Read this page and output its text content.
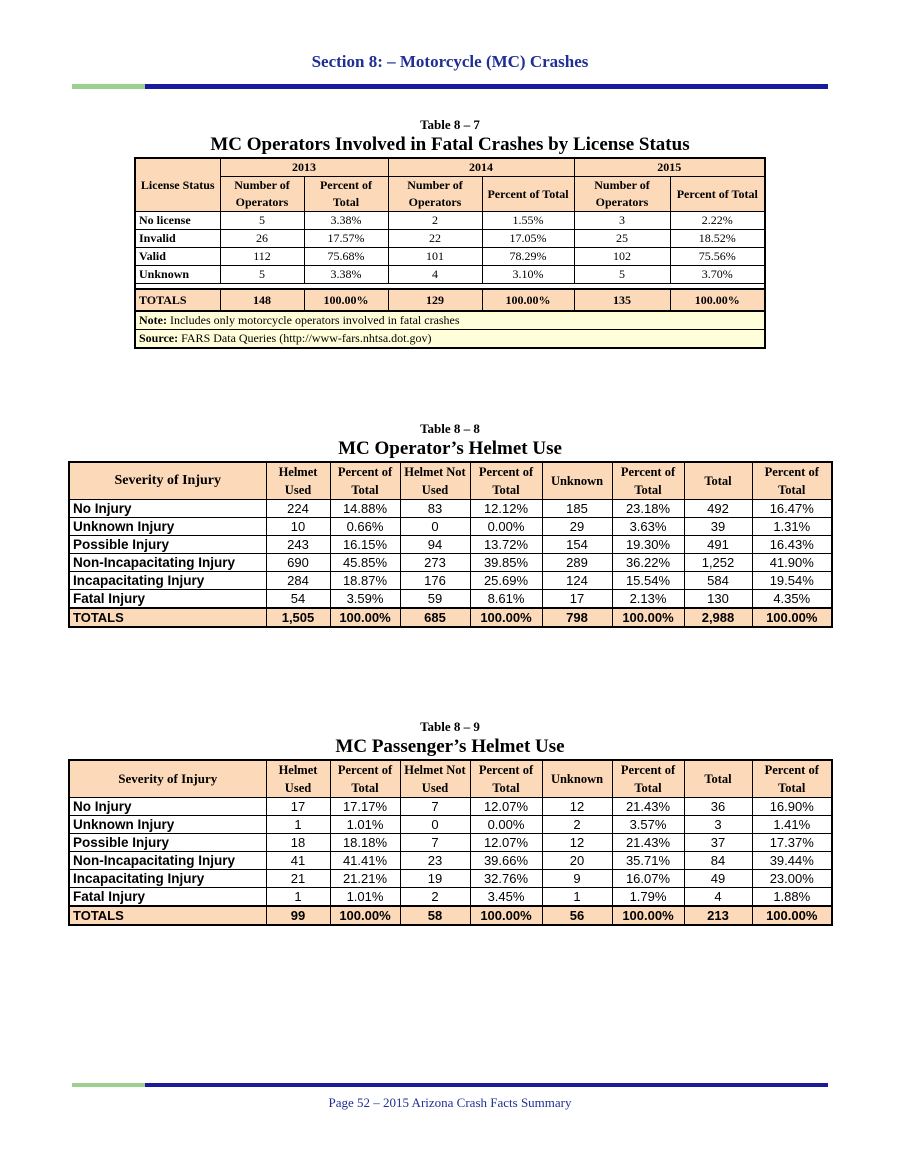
Section 8: – Motorcycle (MC) Crashes
Table 8 – 7
MC Operators Involved in Fatal Crashes by License Status
License Status	2013		2014		2015	
	Number of Operators	Percent of Total	Number of Operators	Percent of Total	Number of Operators	Percent of Total

No license	5	3.38%	2	1.55%	3	2.22%
Invalid	26	17.57%	22	17.05%	25	18.52%
Valid	112	75.68%	101	78.29%	102	75.56%
Unknown	5	3.38%	4	3.10%	5	3.70%

TOTALS	148	100.00%	129	100.00%	135	100.00%
Note: Includes only motorcycle operators involved in fatal crashes						
Source: FARS Data Queries (http://www-fars.nhtsa.dot.gov)						
Table 8 – 8
MC Operator’s Helmet Use
Severity of Injury	Helmet Used	Percent of Total	Helmet Not Used	Percent of Total	Unknown	Percent of Total	Total	Percent of Total
No Injury	224	14.88%	83	12.12%	185	23.18%	492	16.47%
Unknown Injury	10	0.66%	0	0.00%	29	3.63%	39	1.31%
Possible Injury	243	16.15%	94	13.72%	154	19.30%	491	16.43%
Non-Incapacitating Injury	690	45.85%	273	39.85%	289	36.22%	1,252	41.90%
Incapacitating Injury	284	18.87%	176	25.69%	124	15.54%	584	19.54%
Fatal Injury	54	3.59%	59	8.61%	17	2.13%	130	4.35%
TOTALS	1,505	100.00%	685	100.00%	798	100.00%	2,988	100.00%
Table 8 – 9
MC Passenger’s Helmet Use
Severity of Injury	Helmet Used	Percent of Total	Helmet Not Used	Percent of Total	Unknown	Percent of Total	Total	Percent of Total
No Injury	17	17.17%	7	12.07%	12	21.43%	36	16.90%
Unknown Injury	1	1.01%	0	0.00%	2	3.57%	3	1.41%
Possible Injury	18	18.18%	7	12.07%	12	21.43%	37	17.37%
Non-Incapacitating Injury	41	41.41%	23	39.66%	20	35.71%	84	39.44%
Incapacitating Injury	21	21.21%	19	32.76%	9	16.07%	49	23.00%
Fatal Injury	1	1.01%	2	3.45%	1	1.79%	4	1.88%
TOTALS	99	100.00%	58	100.00%	56	100.00%	213	100.00%
Page 52 – 2015 Arizona Crash Facts Summary
